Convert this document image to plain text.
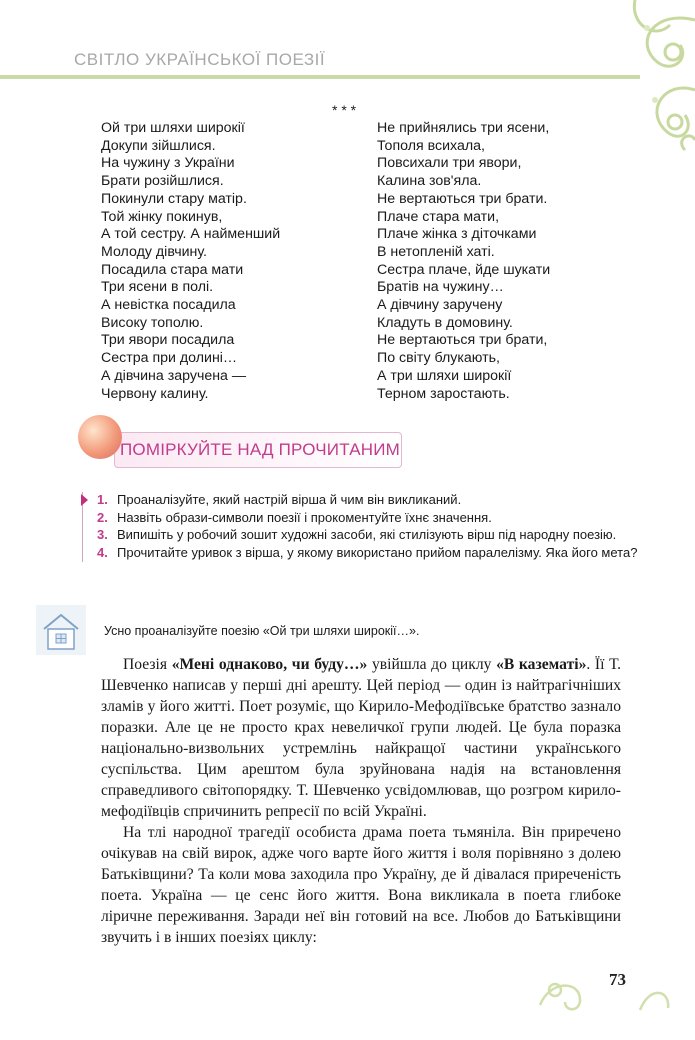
СВІТЛО УКРАЇНСЬКОЇ ПОЕЗІЇ
* * *
Ой три шляхи широкії
Докупи зійшлися.
На чужину з України
Брати розійшлися.
Покинули стару матір.
Той жінку покинув,
А той сестру. А найменший
Молоду дівчину.
Посадила стара мати
Три ясени в полі.
А невістка посадила
Високу тополю.
Три явори посадила
Сестра при долині…
А дівчина заручена —
Червону калину.
Не прийнялись три ясени,
Тополя всихала,
Повсихали три явори,
Калина зов'яла.
Не вертаються три брати.
Плаче стара мати,
Плаче жінка з діточками
В нетопленій хаті.
Сестра плаче, йде шукати
Братів на чужину…
А дівчину заручену
Кладуть в домовину.
Не вертаються три брати,
По світу блукають,
А три шляхи широкії
Терном заростають.
ПОМІРКУЙТЕ НАД ПРОЧИТАНИМ
1. Проаналізуйте, який настрій вірша й чим він викликаний.
2. Назвіть образи-символи поезії і прокоментуйте їхнє значення.
3. Випишіть у робочий зошит художні засоби, які стилізують вірш під народну поезію.
4. Прочитайте уривок з вірша, у якому використано прийом паралелізму. Яка його мета?
Усно проаналізуйте поезію «Ой три шляхи широкії…».

Поезія «Мені однаково, чи буду…» увійшла до циклу «В казематі». Її Т. Шевченко написав у перші дні арешту. Цей період — один із найтрагічніших зламів у його житті. Поет розуміє, що Кирило-Мефодіївське братство зазнало поразки. Але це не просто крах невеличкої групи людей. Це була поразка національно-визвольних устремлінь найкращої частини українського суспільства. Цим арештом була зруйнована надія на встановлення справедливого світопорядку. Т. Шевченко усвідомлював, що розгром кирило-мефодіївців спричинить репресії по всій Україні.

На тлі народної трагедії особиста драма поета тьмяніла. Він приречено очікував на свій вирок, адже чого варте його життя і воля порівняно з долею Батьківщини? Та коли мова заходила про Україну, де й дівалася приреченість поета. Україна — це сенс його життя. Вона викликала в поета глибоке ліричне переживання. Заради неї він готовий на все. Любов до Батьківщини звучить і в інших поезіях циклу:

73
